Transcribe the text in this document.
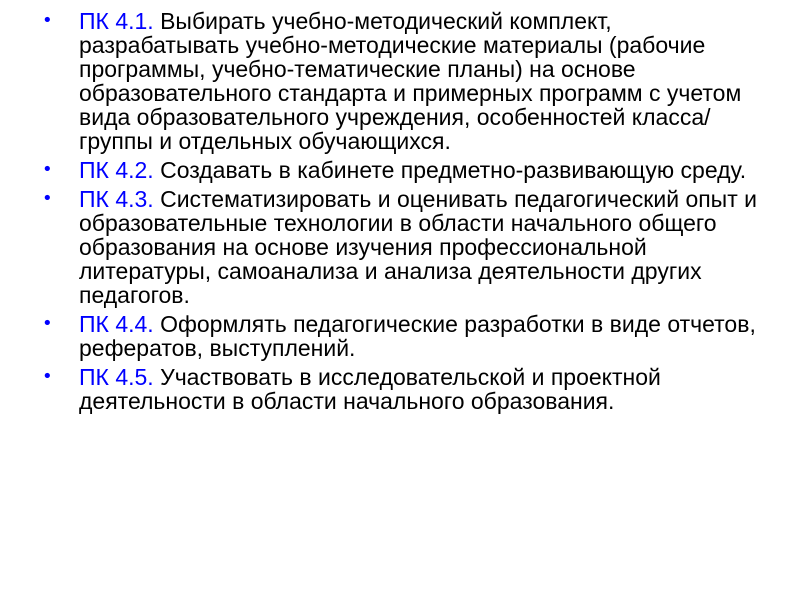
•	ПК 4.1. Выбирать учебно-методический комплект, разрабатывать учебно-методические материалы (рабочие программы, учебно-тематические планы) на основе образовательного стандарта и примерных программ с учетом вида образовательного учреждения, особенностей класса/группы и отдельных обучающихся.
•	ПК 4.2. Создавать в кабинете предметно-развивающую среду.
•	ПК 4.3. Систематизировать и оценивать педагогический опыт и образовательные технологии в области начального общего образования на основе изучения профессиональной литературы, самоанализа и анализа деятельности других педагогов.
•	ПК 4.4. Оформлять педагогические разработки в виде отчетов, рефератов, выступлений.
•	ПК 4.5. Участвовать в исследовательской и проектной деятельности в области начального образования.
